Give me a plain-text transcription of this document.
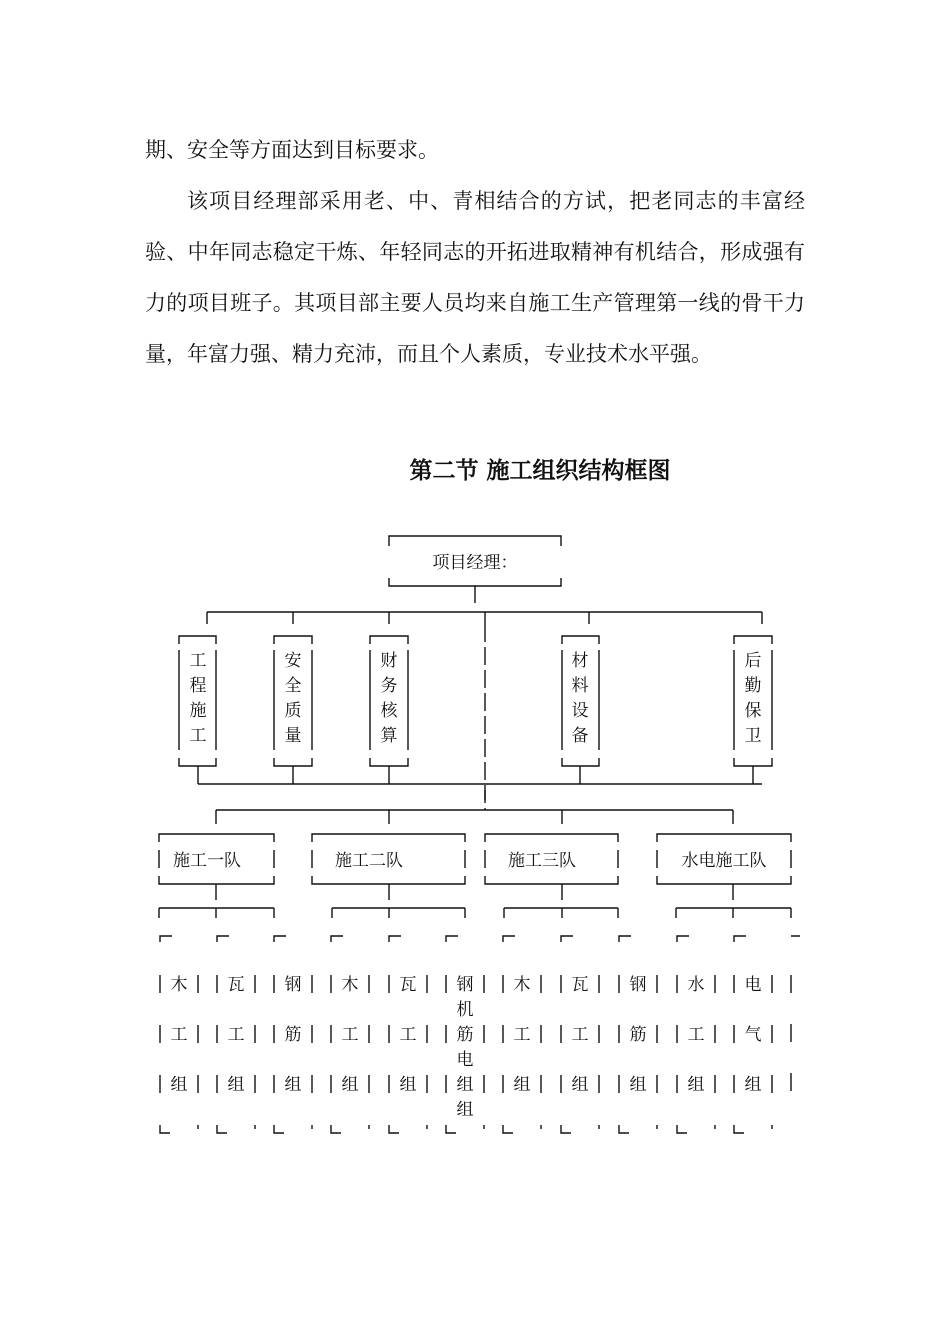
期、安全等方面达到目标要求。

该项目经理部采用老、中、青相结合的方试，把老同志的丰富经验、中年同志稳定干炼、年轻同志的开拓进取精神有机结合，形成强有力的项目班子。其项目部主要人员均来自施工生产管理第一线的骨干力量，年富力强、精力充沛，而且个人素质，专业技术水平强。

第二节 施工组织结构框图
项目经理：
工程施工
安全质量
财务核算
材料设备
后勤保卫
施工一队	施工二队	施工三队	水电施工队
木工组
瓦工组
钢筋组
木工组
瓦工组
钢机筋电组组
木工组
瓦工组
钢筋组
水工组
电气组
